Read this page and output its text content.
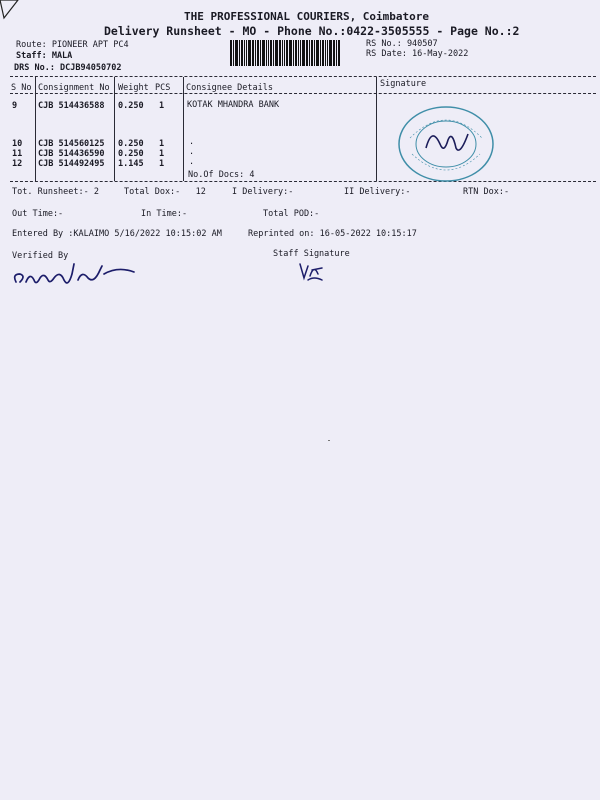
THE PROFESSIONAL COURIERS, Coimbatore
Delivery Runsheet - MO - Phone No.:0422-3505555 - Page No.:2
Route: PIONEER APT PC4
Staff: MALA
DRS No.: DCJB94050702
RS No.: 940507
RS Date: 16-May-2022
S No Consignment No Weight PCS Consignee Details	Signature
9 CJB 514436588 0.250 1	KOTAK MHANDRA BANK
10 CJB 514560125 0.250 1	.
11 CJB 514436590 0.250 1	.
12 CJB 514492495 1.145 1	.
No.Of Docs: 4
Tot. Runsheet:- 2	Total Dox:-   12	I Delivery:-	II Delivery:-	RTN Dox:-
Out Time:-	In Time:-	Total POD:-
Entered By :KALAIMO 5/16/2022 10:15:02 AM	Reprinted on: 16-05-2022 10:15:17
Verified By	Staff Signature
